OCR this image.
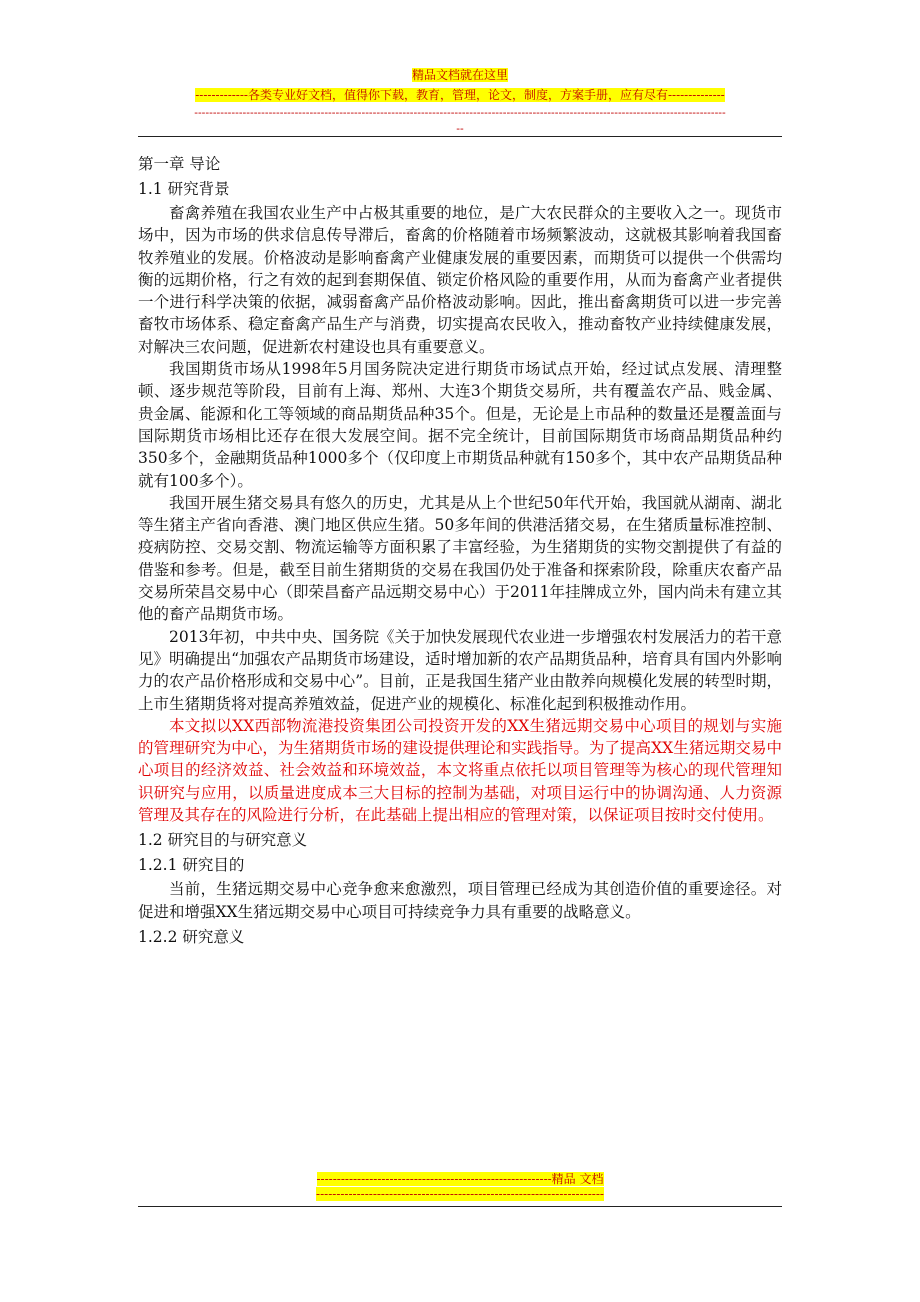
精品文档就在这里
-------------各类专业好文档，值得你下载，教育，管理，论文，制度，方案手册，应有尽有--------------
-----------------------------------------------------------------------------------------------------------------------------------------------
--
第一章 导论
1.1 研究背景

畜禽养殖在我国农业生产中占极其重要的地位，是广大农民群众的主要收入之一。现货市场中，因为市场的供求信息传导滞后，畜禽的价格随着市场频繁波动，这就极其影响着我国畜牧养殖业的发展。价格波动是影响畜禽产业健康发展的重要因素，而期货可以提供一个供需均衡的远期价格，行之有效的起到套期保值、锁定价格风险的重要作用，从而为畜禽产业者提供一个进行科学决策的依据，减弱畜禽产品价格波动影响。因此，推出畜禽期货可以进一步完善畜牧市场体系、稳定畜禽产品生产与消费，切实提高农民收入，推动畜牧产业持续健康发展，对解决三农问题，促进新农村建设也具有重要意义。

我国期货市场从1998年5月国务院决定进行期货市场试点开始，经过试点发展、清理整顿、逐步规范等阶段，目前有上海、郑州、大连3个期货交易所，共有覆盖农产品、贱金属、贵金属、能源和化工等领域的商品期货品种35个。但是，无论是上市品种的数量还是覆盖面与国际期货市场相比还存在很大发展空间。据不完全统计，目前国际期货市场商品期货品种约350多个，金融期货品种1000多个（仅印度上市期货品种就有150多个，其中农产品期货品种就有100多个）。

我国开展生猪交易具有悠久的历史，尤其是从上个世纪50年代开始，我国就从湖南、湖北等生猪主产省向香港、澳门地区供应生猪。50多年间的供港活猪交易，在生猪质量标准控制、疫病防控、交易交割、物流运输等方面积累了丰富经验，为生猪期货的实物交割提供了有益的借鉴和参考。但是，截至目前生猪期货的交易在我国仍处于准备和探索阶段，除重庆农畜产品交易所荣昌交易中心（即荣昌畜产品远期交易中心）于2011年挂牌成立外，国内尚未有建立其他的畜产品期货市场。

2013年初，中共中央、国务院《关于加快发展现代农业进一步增强农村发展活力的若干意见》明确提出“加强农产品期货市场建设，适时增加新的农产品期货品种，培育具有国内外影响力的农产品价格形成和交易中心”。目前，正是我国生猪产业由散养向规模化发展的转型时期，上市生猪期货将对提高养殖效益，促进产业的规模化、标准化起到积极推动作用。

本文拟以XX西部物流港投资集团公司投资开发的XX生猪远期交易中心项目的规划与实施的管理研究为中心，为生猪期货市场的建设提供理论和实践指导。为了提高XX生猪远期交易中心项目的经济效益、社会效益和环境效益，本文将重点依托以项目管理等为核心的现代管理知识研究与应用，以质量进度成本三大目标的控制为基础，对项目运行中的协调沟通、人力资源管理及其存在的风险进行分析，在此基础上提出相应的管理对策，以保证项目按时交付使用。

1.2 研究目的与研究意义
1.2.1 研究目的

当前，生猪远期交易中心竞争愈来愈激烈，项目管理已经成为其创造价值的重要途径。对促进和增强XX生猪远期交易中心项目可持续竞争力具有重要的战略意义。

1.2.2 研究意义
----------------------------------------------------------精品 文档
-----------------------------------------------------------------------
